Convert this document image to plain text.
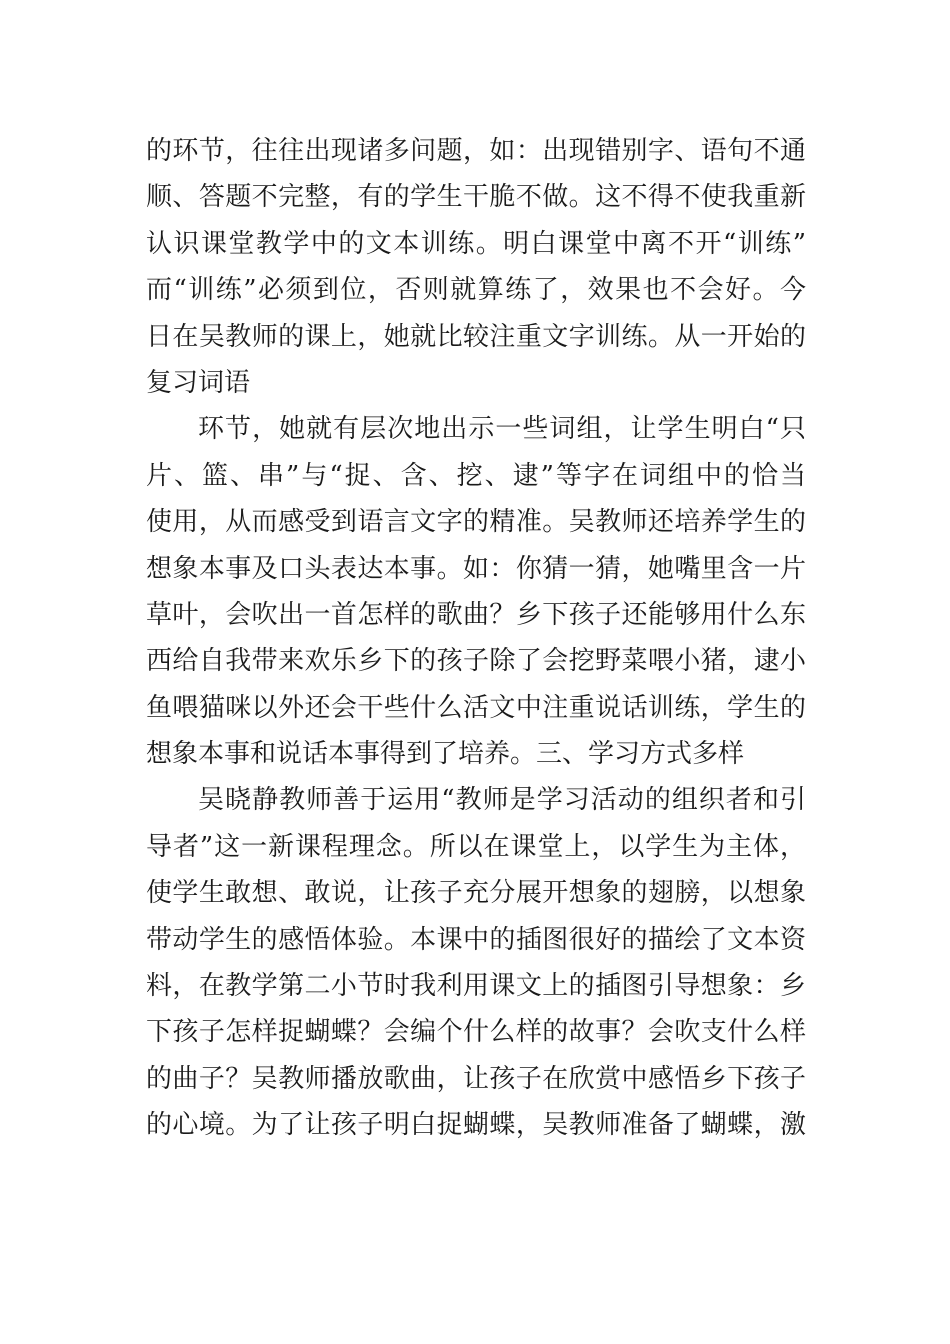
的环节，往往出现诸多问题，如：出现错别字、语句不通
顺、答题不完整，有的学生干脆不做。这不得不使我重新
认识课堂教学中的文本训练。明白课堂中离不开“训练”
而“训练”必须到位，否则就算练了，效果也不会好。今
日在吴教师的课上，她就比较注重文字训练。从一开始的
复习词语
环节，她就有层次地出示一些词组，让学生明白“只
片、篮、串”与“捉、含、挖、逮”等字在词组中的恰当
使用，从而感受到语言文字的精准。吴教师还培养学生的
想象本事及口头表达本事。如：你猜一猜，她嘴里含一片
草叶，会吹出一首怎样的歌曲？乡下孩子还能够用什么东
西给自我带来欢乐乡下的孩子除了会挖野菜喂小猪，逮小
鱼喂猫咪以外还会干些什么活文中注重说话训练，学生的
想象本事和说话本事得到了培养。三、学习方式多样
吴晓静教师善于运用“教师是学习活动的组织者和引
导者”这一新课程理念。所以在课堂上，以学生为主体，
使学生敢想、敢说，让孩子充分展开想象的翅膀，以想象
带动学生的感悟体验。本课中的插图很好的描绘了文本资
料，在教学第二小节时我利用课文上的插图引导想象：乡
下孩子怎样捉蝴蝶？会编个什么样的故事？会吹支什么样
的曲子？吴教师播放歌曲，让孩子在欣赏中感悟乡下孩子
的心境。为了让孩子明白捉蝴蝶，吴教师准备了蝴蝶，激
